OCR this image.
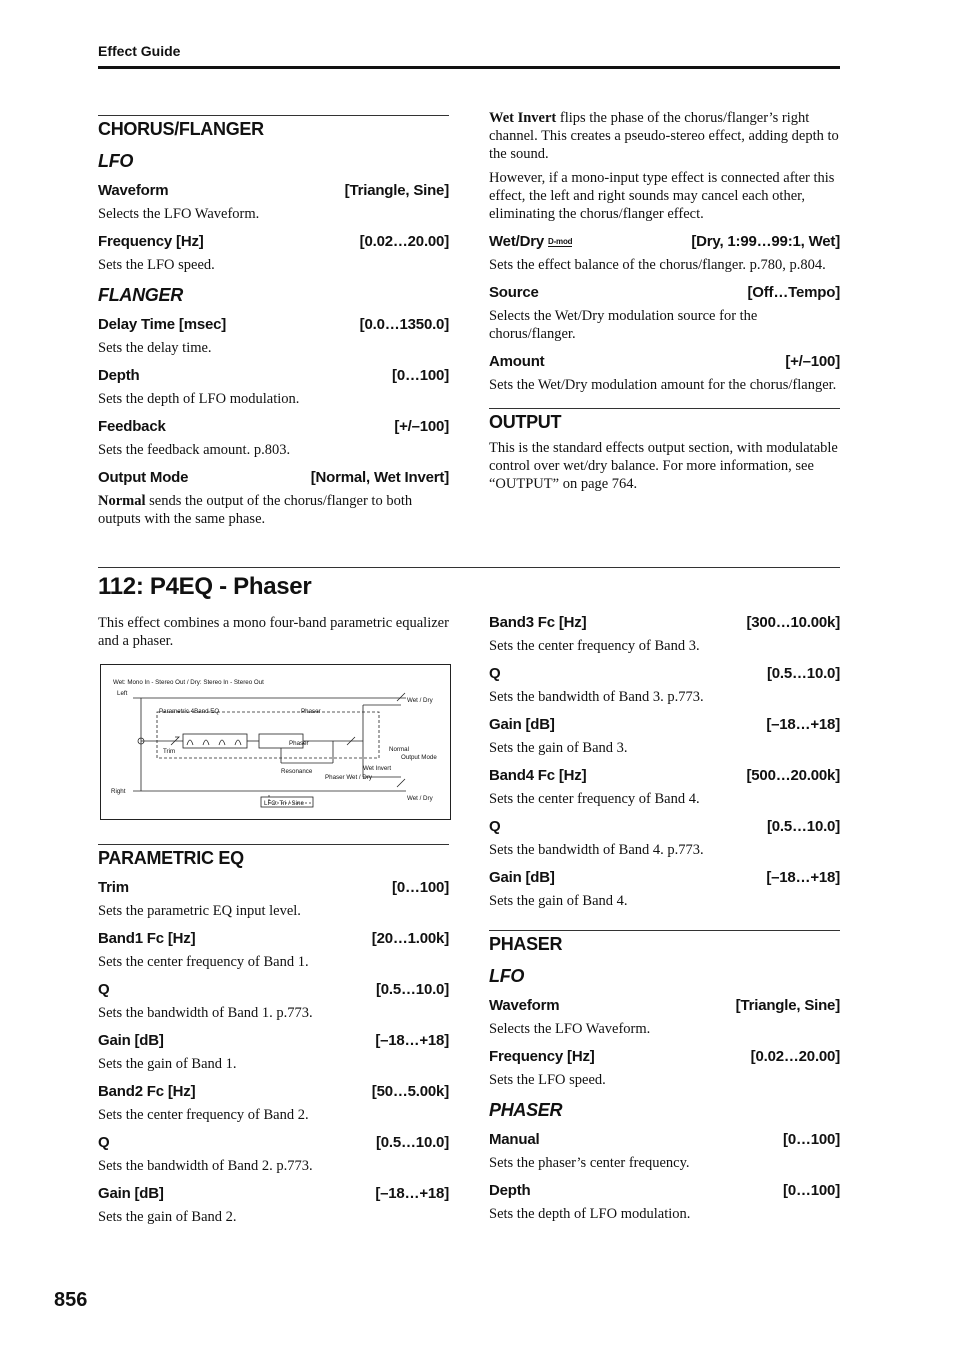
Effect Guide
CHORUS/FLANGER
LFO
Waveform	[Triangle, Sine]
Selects the LFO Waveform.
Frequency [Hz]	[0.02…20.00]
Sets the LFO speed.
FLANGER
Delay Time [msec]	[0.0…1350.0]
Sets the delay time.
Depth	[0…100]
Sets the depth of LFO modulation.
Feedback	[+/–100]
Sets the feedback amount. p.803.
Output Mode	[Normal, Wet Invert]
Normal sends the output of the chorus/flanger to both outputs with the same phase.
Wet Invert flips the phase of the chorus/flanger’s right channel. This creates a pseudo-stereo effect, adding depth to the sound.
However, if a mono-input type effect is connected after this effect, the left and right sounds may cancel each other, eliminating the chorus/flanger effect.
Wet/Dry D-mod	[Dry, 1:99…99:1, Wet]
Sets the effect balance of the chorus/flanger. p.780, p.804.
Source	[Off…Tempo]
Selects the Wet/Dry modulation source for the chorus/flanger.
Amount	[+/–100]
Sets the Wet/Dry modulation amount for the chorus/flanger.
OUTPUT
This is the standard effects output section, with modulatable control over wet/dry balance. For more information, see “OUTPUT” on page 764.
112: P4EQ - Phaser
This effect combines a mono four-band parametric equalizer and a phaser.
Wet: Mono In - Stereo Out / Dry: Stereo In - Stereo Out
Left
Right
Parametric 4Band EQ	Phaser
Phaser
Trim
Resonance
Phaser Wet / Dry
Wet Invert
Normal
Output Mode
Wet / Dry
Wet / Dry
LFO: Tri / Sine
PARAMETRIC EQ
Trim	[0…100]
Sets the parametric EQ input level.
Band1 Fc [Hz]	[20…1.00k]
Sets the center frequency of Band 1.
Q	[0.5…10.0]
Sets the bandwidth of Band 1. p.773.
Gain [dB]	[–18…+18]
Sets the gain of Band 1.
Band2 Fc [Hz]	[50…5.00k]
Sets the center frequency of Band 2.
Q	[0.5…10.0]
Sets the bandwidth of Band 2. p.773.
Gain [dB]	[–18…+18]
Sets the gain of Band 2.
Band3 Fc [Hz]	[300…10.00k]
Sets the center frequency of Band 3.
Q	[0.5…10.0]
Sets the bandwidth of Band 3. p.773.
Gain [dB]	[–18…+18]
Sets the gain of Band 3.
Band4 Fc [Hz]	[500…20.00k]
Sets the center frequency of Band 4.
Q	[0.5…10.0]
Sets the bandwidth of Band 4. p.773.
Gain [dB]	[–18…+18]
Sets the gain of Band 4.
PHASER
LFO
Waveform	[Triangle, Sine]
Selects the LFO Waveform.
Frequency [Hz]	[0.02…20.00]
Sets the LFO speed.
PHASER
Manual	[0…100]
Sets the phaser’s center frequency.
Depth	[0…100]
Sets the depth of LFO modulation.
856
